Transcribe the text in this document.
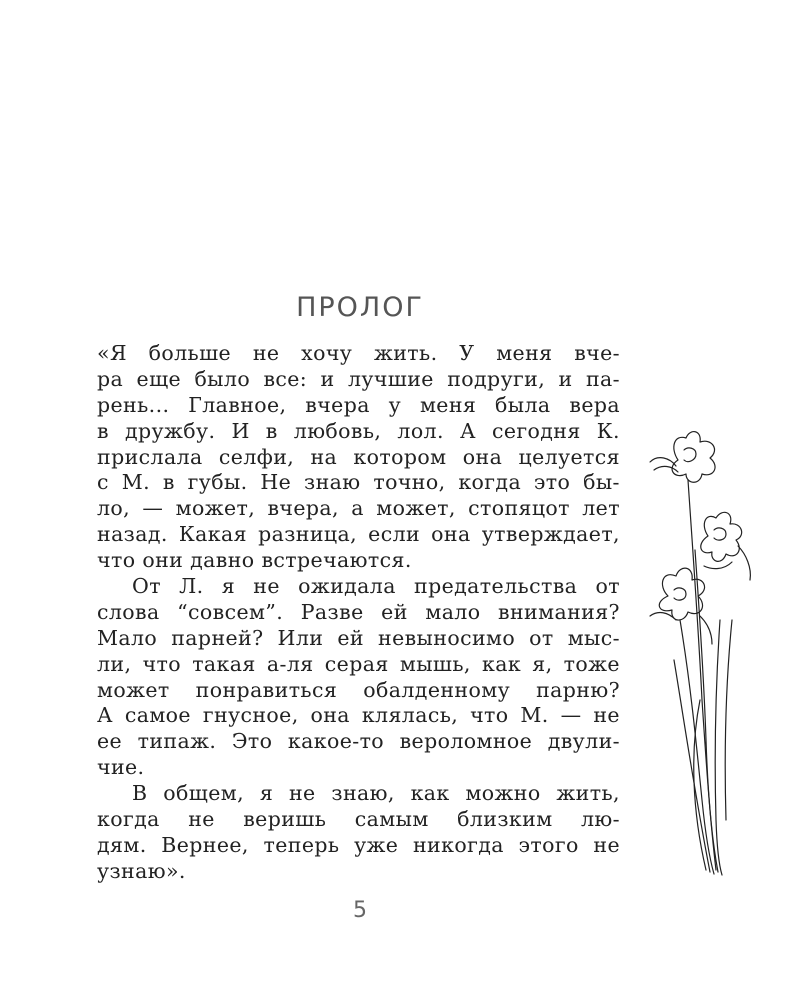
ПРОЛОГ
«Я больше не хочу жить. У меня вче-
ра еще было все: и лучшие подруги, и па-
рень... Главное, вчера у меня была вера
в дружбу. И в любовь, лол. А сегодня К.
прислала селфи, на котором она целуется
с М. в губы. Не знаю точно, когда это бы-
ло, — может, вчера, а может, стопяцот лет
назад. Какая разница, если она утверждает,
что они давно встречаются.
От Л. я не ожидала предательства от
слова “совсем”. Разве ей мало внимания?
Мало парней? Или ей невыносимо от мыс-
ли, что такая а-ля серая мышь, как я, тоже
может понравиться обалденному парню?
А самое гнусное, она клялась, что М. — не
ее типаж. Это какое-то вероломное двули-
чие.
В общем, я не знаю, как можно жить,
когда не веришь самым близким лю-
дям. Вернее, теперь уже никогда этого не
узнаю».
5
